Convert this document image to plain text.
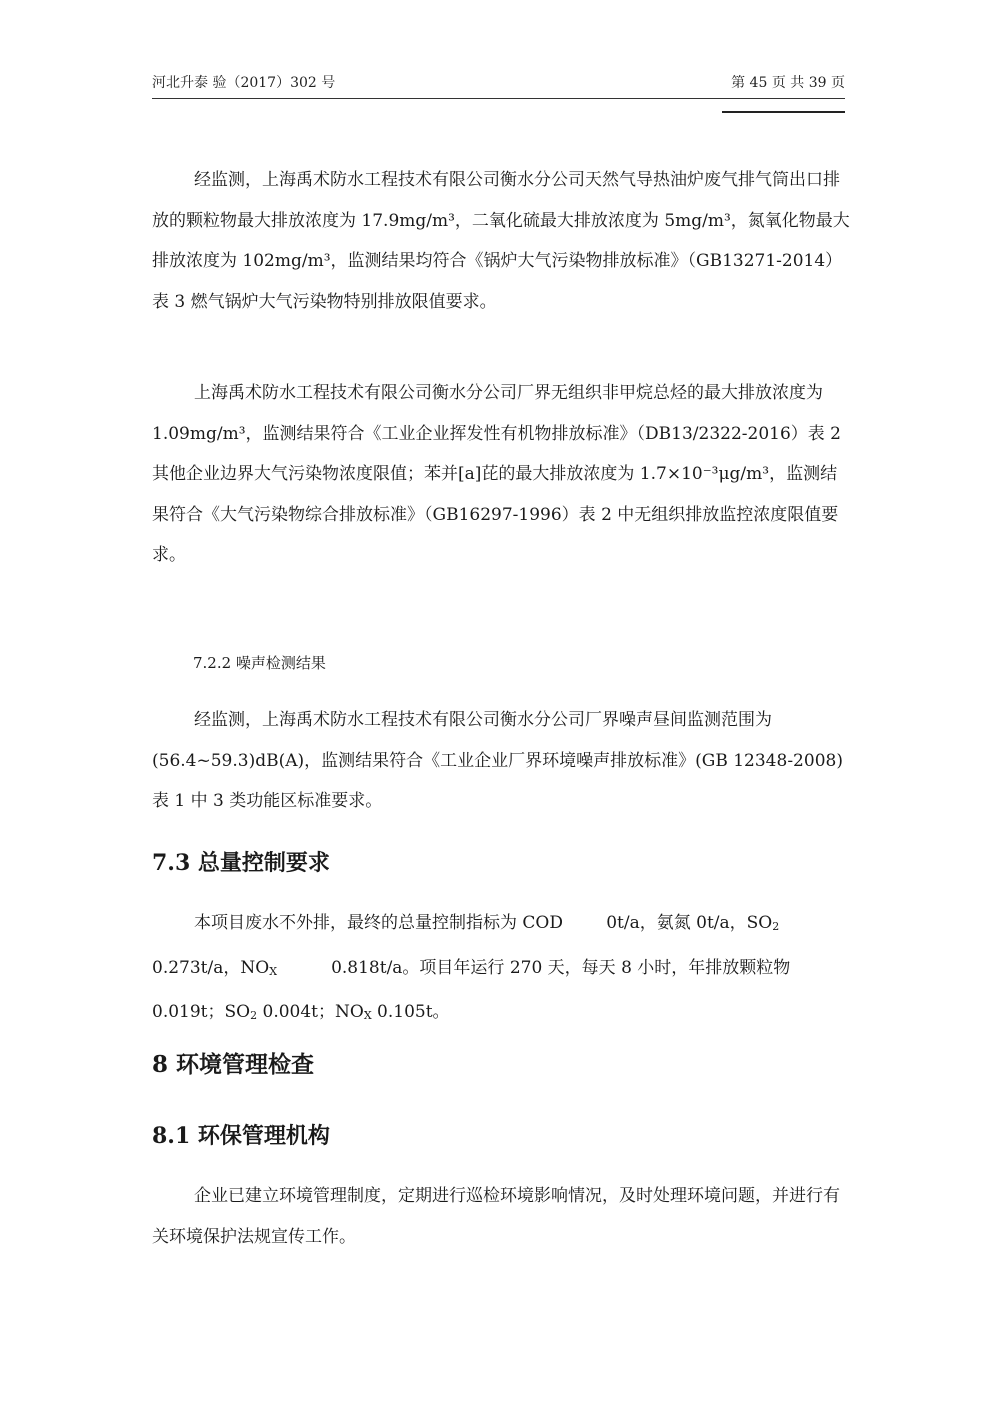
河北升泰 验（2017）302 号	第 45 页 共 39 页

经监测，上海禹术防水工程技术有限公司衡水分公司天然气导热油炉废气排气筒出口排放的颗粒物最大排放浓度为 17.9mg/m³，二氧化硫最大排放浓度为 5mg/m³，氮氧化物最大排放浓度为 102mg/m³，监测结果均符合《锅炉大气污染物排放标准》（GB13271-2014）表 3 燃气锅炉大气污染物特别排放限值要求。

上海禹术防水工程技术有限公司衡水分公司厂界无组织非甲烷总烃的最大排放浓度为 1.09mg/m³，监测结果符合《工业企业挥发性有机物排放标准》（DB13/2322-2016）表 2 其他企业边界大气污染物浓度限值；苯并[a]芘的最大排放浓度为 1.7×10⁻³μg/m³，监测结果符合《大气污染物综合排放标准》（GB16297-1996）表 2 中无组织排放监控浓度限值要求。

7.2.2 噪声检测结果

经监测，上海禹术防水工程技术有限公司衡水分公司厂界噪声昼间监测范围为(56.4~59.3)dB(A)，监测结果符合《工业企业厂界环境噪声排放标准》(GB 12348-2008)表 1 中 3 类功能区标准要求。

7.3 总量控制要求

本项目废水不外排，最终的总量控制指标为 COD        0t/a，氨氮 0t/a，$SO_2$ 0.273t/a，$NO_X$          0.818t/a。项目年运行 270 天，每天 8 小时，年排放颗粒物 0.019t；$SO_2$ 0.004t；$NO_X$ 0.105t。

8 环境管理检查
8.1 环保管理机构

企业已建立环境管理制度，定期进行巡检环境影响情况，及时处理环境问题，并进行有关环境保护法规宣传工作。
